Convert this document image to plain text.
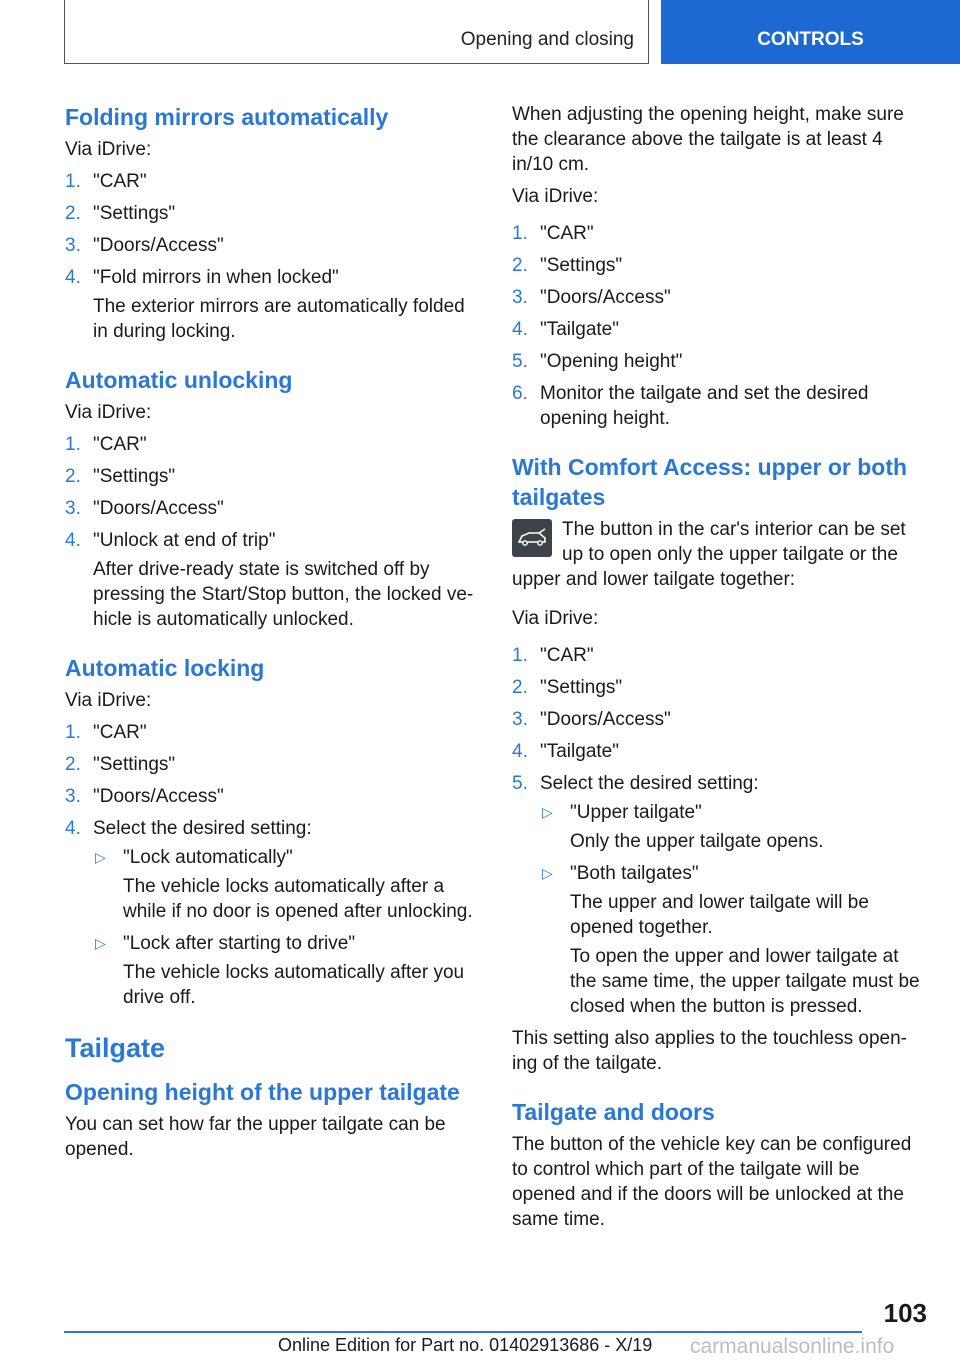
Opening and closing	CONTROLS
Folding mirrors automatically

Via iDrive:

1. "CAR"
2. "Settings"
3. "Doors/Access"
4. "Fold mirrors in when locked"
The exterior mirrors are automatically folded in during locking.
Automatic unlocking

Via iDrive:

1. "CAR"
2. "Settings"
3. "Doors/Access"
4. "Unlock at end of trip"
After drive-ready state is switched off by pressing the Start/Stop button, the locked ve‐hicle is automatically unlocked.
Automatic locking

Via iDrive:

1. "CAR"
2. "Settings"
3. "Doors/Access"
4. Select the desired setting:
▷ "Lock automatically"
The vehicle locks automatically after a while if no door is opened after unlocking.
▷ "Lock after starting to drive"
The vehicle locks automatically after you drive off.
Tailgate
Opening height of the upper tailgate

You can set how far the upper tailgate can be opened.

When adjusting the opening height, make sure the clearance above the tailgate is at least 4 in/10 cm.

Via iDrive:

1. "CAR"
2. "Settings"
3. "Doors/Access"
4. "Tailgate"
5. "Opening height"
6. Monitor the tailgate and set the desired opening height.
With Comfort Access: upper or both tailgates

The button in the car's interior can be set up to open only the upper tailgate or the upper and lower tailgate together:

Via iDrive:

1. "CAR"
2. "Settings"
3. "Doors/Access"
4. "Tailgate"
5. Select the desired setting:
▷ "Upper tailgate"
Only the upper tailgate opens.
▷ "Both tailgates"
The upper and lower tailgate will be opened together.
To open the upper and lower tailgate at the same time, the upper tailgate must be closed when the button is pressed.

This setting also applies to the touchless open‐ing of the tailgate.

Tailgate and doors

The button of the vehicle key can be configured to control which part of the tailgate will be opened and if the doors will be unlocked at the same time.

103
Online Edition for Part no. 01402913686 - X/19 carmanualsonline.info
